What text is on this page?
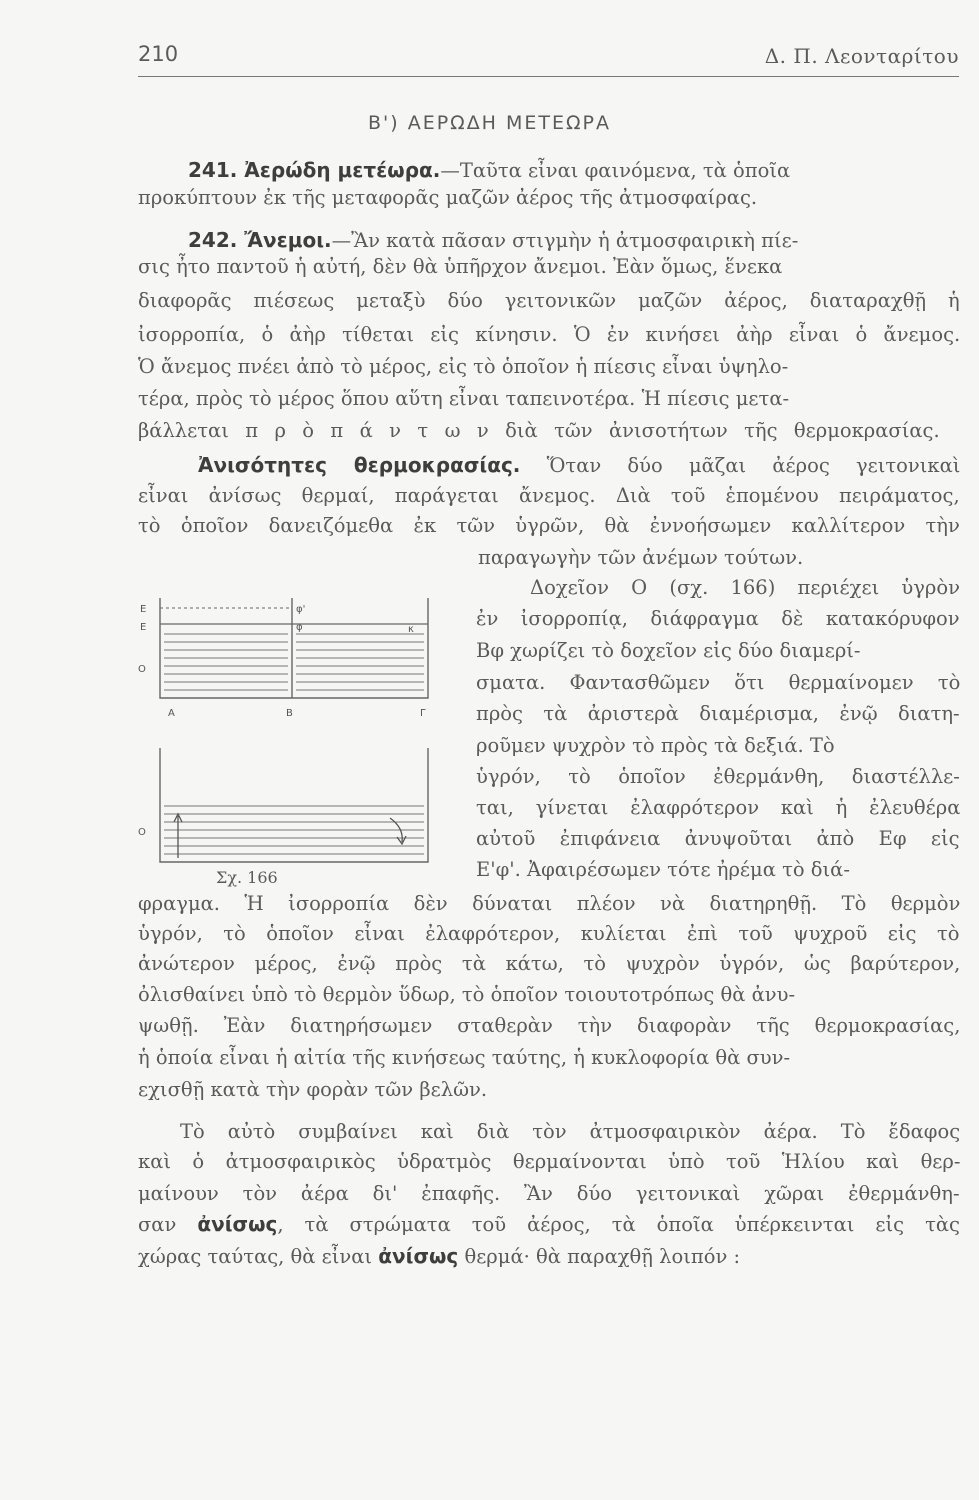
210	Δ. Π. Λεονταρίτου
Β') ΑΕΡΩΔΗ ΜΕΤΕΩΡΑ
241. Ἀερώδη μετέωρα.—Ταῦτα εἶναι φαινόμενα, τὰ ὁποῖα
προκύπτουν ἐκ τῆς μεταφορᾶς μαζῶν ἀέρος τῆς ἀτμοσφαίρας.
242. Ἄνεμοι.—Ἂν κατὰ πᾶσαν στιγμὴν ἡ ἀτμοσφαιρικὴ πίε-
σις ἦτο παντοῦ ἡ αὐτή, δὲν θὰ ὑπῆρχον ἄνεμοι. Ἐὰν ὅμως, ἕνεκα
διαφορᾶς πιέσεως μεταξὺ δύο γειτονικῶν μαζῶν ἀέρος, διαταραχθῇ ἡ
ἰσορροπία, ὁ ἀὴρ τίθεται εἰς κίνησιν. Ὁ ἐν κινήσει ἀὴρ εἶναι ὁ ἄνεμος.
Ὁ ἄνεμος πνέει ἀπὸ τὸ μέρος, εἰς τὸ ὁποῖον ἡ πίεσις εἶναι ὑψηλο-
τέρα, πρὸς τὸ μέρος ὅπου αὕτη εἶναι ταπεινοτέρα. Ἡ πίεσις μετα-
βάλλεται π ρ ὸ π ά ν τ ω ν διὰ τῶν ἀνισοτήτων τῆς θερμοκρασίας.
Ἀνισότητες θερμοκρασίας. Ὅταν δύο μᾶζαι ἀέρος γειτονικαὶ
εἶναι ἀνίσως θερμαί, παράγεται ἄνεμος. Διὰ τοῦ ἑπομένου πειράματος,
τὸ ὁποῖον δανειζόμεθα ἐκ τῶν ὑγρῶν, θὰ ἐννοήσωμεν καλλίτερον τὴν
παραγωγὴν τῶν ἀνέμων τούτων.
Δοχεῖον Ο (σχ. 166) περιέχει ὑγρὸν
ἐν ἰσορροπίᾳ, διάφραγμα δὲ κατακόρυφον
Βφ χωρίζει τὸ δοχεῖον εἰς δύο διαμερί-
σματα. Φαντασθῶμεν ὅτι θερμαίνομεν τὸ
πρὸς τὰ ἀριστερὰ διαμέρισμα, ἐνῷ διατη-
ροῦμεν ψυχρὸν τὸ πρὸς τὰ δεξιά. Τὸ
ὑγρόν, τὸ ὁποῖον ἐθερμάνθη, διαστέλλε-
ται, γίνεται ἐλαφρότερον καὶ ἡ ἐλευθέρα
αὐτοῦ ἐπιφάνεια ἀνυψοῦται ἀπὸ Εφ εἰς
Ε'φ'. Ἀφαιρέσωμεν τότε ἠρέμα τὸ διά-
φραγμα. Ἡ ἰσορροπία δὲν δύναται πλέον νὰ διατηρηθῇ. Τὸ θερμὸν
ὑγρόν, τὸ ὁποῖον εἶναι ἐλαφρότερον, κυλίεται ἐπὶ τοῦ ψυχροῦ εἰς τὸ
ἀνώτερον μέρος, ἐνῷ πρὸς τὰ κάτω, τὸ ψυχρὸν ὑγρόν, ὡς βαρύτερον,
ὀλισθαίνει ὑπὸ τὸ θερμὸν ὕδωρ, τὸ ὁποῖον τοιουτοτρόπως θὰ ἀνυ-
ψωθῇ. Ἐὰν διατηρήσωμεν σταθερὰν τὴν διαφορὰν τῆς θερμοκρασίας,
ἡ ὁποία εἶναι ἡ αἰτία τῆς κινήσεως ταύτης, ἡ κυκλοφορία θὰ συν-
εχισθῇ κατὰ τὴν φορὰν τῶν βελῶν.
Τὸ αὐτὸ συμβαίνει καὶ διὰ τὸν ἀτμοσφαιρικὸν ἀέρα. Τὸ ἔδαφος
καὶ ὁ ἀτμοσφαιρικὸς ὑδρατμὸς θερμαίνονται ὑπὸ τοῦ Ἡλίου καὶ θερ-
μαίνουν τὸν ἀέρα δι' ἐπαφῆς. Ἂν δύο γειτονικαὶ χῶραι ἐθερμάνθη-
σαν ἀνίσως, τὰ στρώματα τοῦ ἀέρος, τὰ ὁποῖα ὑπέρκεινται εἰς τὰς
χώρας ταύτας, θὰ εἶναι ἀνίσως θερμά· θὰ παραχθῇ λοιπόν :
Ε
Ε
Ο
φ'
φ	κ
Α	Β	Γ
Ο
Σχ. 166
